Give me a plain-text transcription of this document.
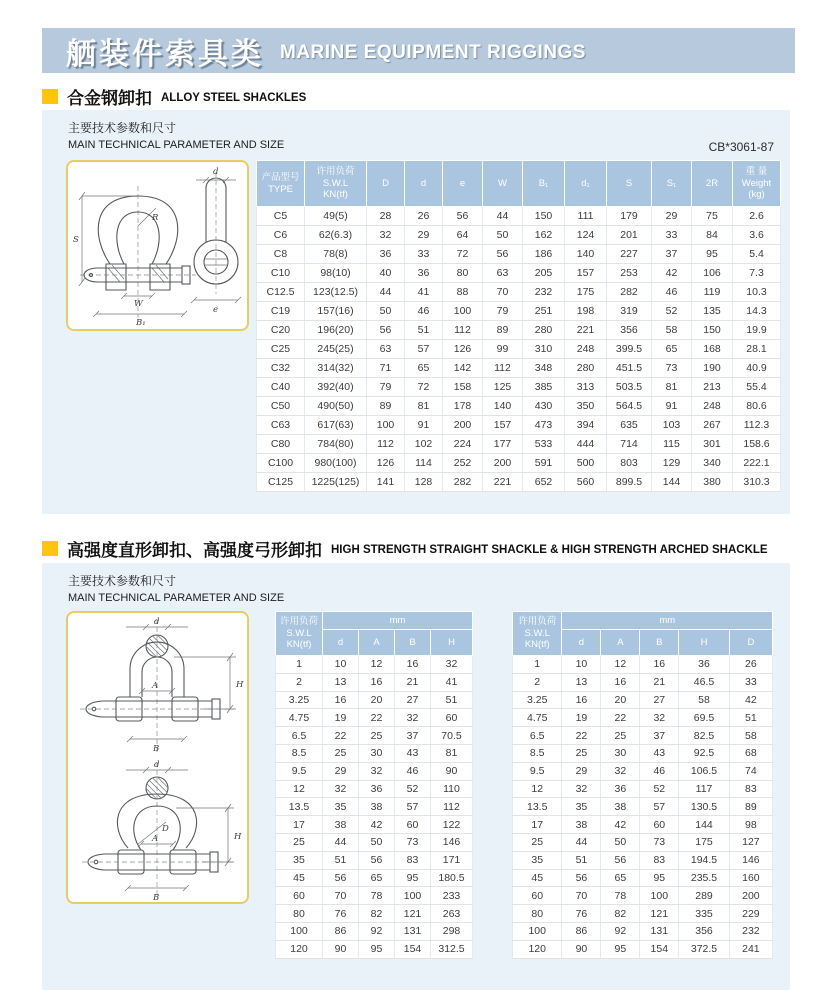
舾装件索具类 MARINE EQUIPMENT RIGGINGS
合金钢卸扣 ALLOY STEEL SHACKLES
主要技术参数和尺寸
MAIN TECHNICAL PARAMETER AND SIZE	CB*3061-87
S
R
W
B₁
d
e
产品型号
TYPE	许用负荷
S.W.L
KN(tf)	D	d	e	W	B₁	d₁	S	S₁	2R	重 量
Weight
(kg)
C5	49(5)	28	26	56	44	150	111	179	29	75	2.6
C6	62(6.3)	32	29	64	50	162	124	201	33	84	3.6
C8	78(8)	36	33	72	56	186	140	227	37	95	5.4
C10	98(10)	40	36	80	63	205	157	253	42	106	7.3
C12.5	123(12.5)	44	41	88	70	232	175	282	46	119	10.3
C19	157(16)	50	46	100	79	251	198	319	52	135	14.3
C20	196(20)	56	51	112	89	280	221	356	58	150	19.9
C25	245(25)	63	57	126	99	310	248	399.5	65	168	28.1
C32	314(32)	71	65	142	112	348	280	451.5	73	190	40.9
C40	392(40)	79	72	158	125	385	313	503.5	81	213	55.4
C50	490(50)	89	81	178	140	430	350	564.5	91	248	80.6
C63	617(63)	100	91	200	157	473	394	635	103	267	112.3
C80	784(80)	112	102	224	177	533	444	714	115	301	158.6
C100	980(100)	126	114	252	200	591	500	803	129	340	222.1
C125	1225(125)	141	128	282	221	652	560	899.5	144	380	310.3
高强度直形卸扣、高强度弓形卸扣 HIGH STRENGTH STRAIGHT SHACKLE & HIGH STRENGTH ARCHED SHACKLE
主要技术参数和尺寸
MAIN TECHNICAL PARAMETER AND SIZE
d
H
A
B
d
D
H
A
B
许用负荷
S.W.L
KN(tf)	mm			
	d	A	B	H
1	10	12	16	32
2	13	16	21	41
3.25	16	20	27	51
4.75	19	22	32	60
6.5	22	25	37	70.5
8.5	25	30	43	81
9.5	29	32	46	90
12	32	36	52	110
13.5	35	38	57	112
17	38	42	60	122
25	44	50	73	146
35	51	56	83	171
45	56	65	95	180.5
60	70	78	100	233
80	76	82	121	263
100	86	92	131	298
120	90	95	154	312.5
许用负荷
S.W.L
KN(tf)	mm				
	d	A	B	H	D
1	10	12	16	36	26
2	13	16	21	46.5	33
3.25	16	20	27	58	42
4.75	19	22	32	69.5	51
6.5	22	25	37	82.5	58
8.5	25	30	43	92.5	68
9.5	29	32	46	106.5	74
12	32	36	52	117	83
13.5	35	38	57	130.5	89
17	38	42	60	144	98
25	44	50	73	175	127
35	51	56	83	194.5	146
45	56	65	95	235.5	160
60	70	78	100	289	200
80	76	82	121	335	229
100	86	92	131	356	232
120	90	95	154	372.5	241
